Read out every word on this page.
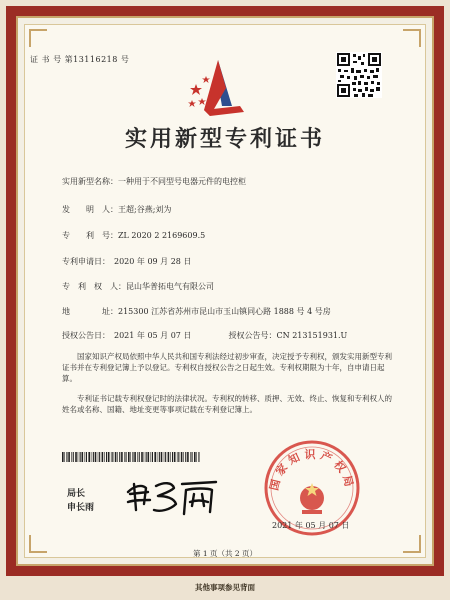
证 书 号 第13116218 号
实用新型专利证书
实用新型名称：一种用于不同型号电器元件的电控柜
发　　明　人：王超;谷燕;刘为
专　　利　号：ZL 2020 2 2169609.5
专利申请日： 2020 年 09 月 28 日
专　利　权　人：昆山华普拓电气有限公司
地　　　　址：215300 江苏省苏州市昆山市玉山镇同心路 1888 号 4 号房
授权公告日： 2021 年 05 月 07 日	授权公告号：CN 213151931.U
国家知识产权局依照中华人民共和国专利法经过初步审查，决定授予专利权，颁发实用新型专利证书并在专利登记簿上予以登记。专利权自授权公告之日起生效。专利权期限为十年，自申请日起算。
专利证书记载专利权登记时的法律状况。专利权的转移、质押、无效、终止、恢复和专利权人的姓名或名称、国籍、地址变更等事项记载在专利登记簿上。
局长
申长雨
国家知识产权局
2021 年 05 月 07 日
第 1 页（共 2 页）
其他事项参见背面
